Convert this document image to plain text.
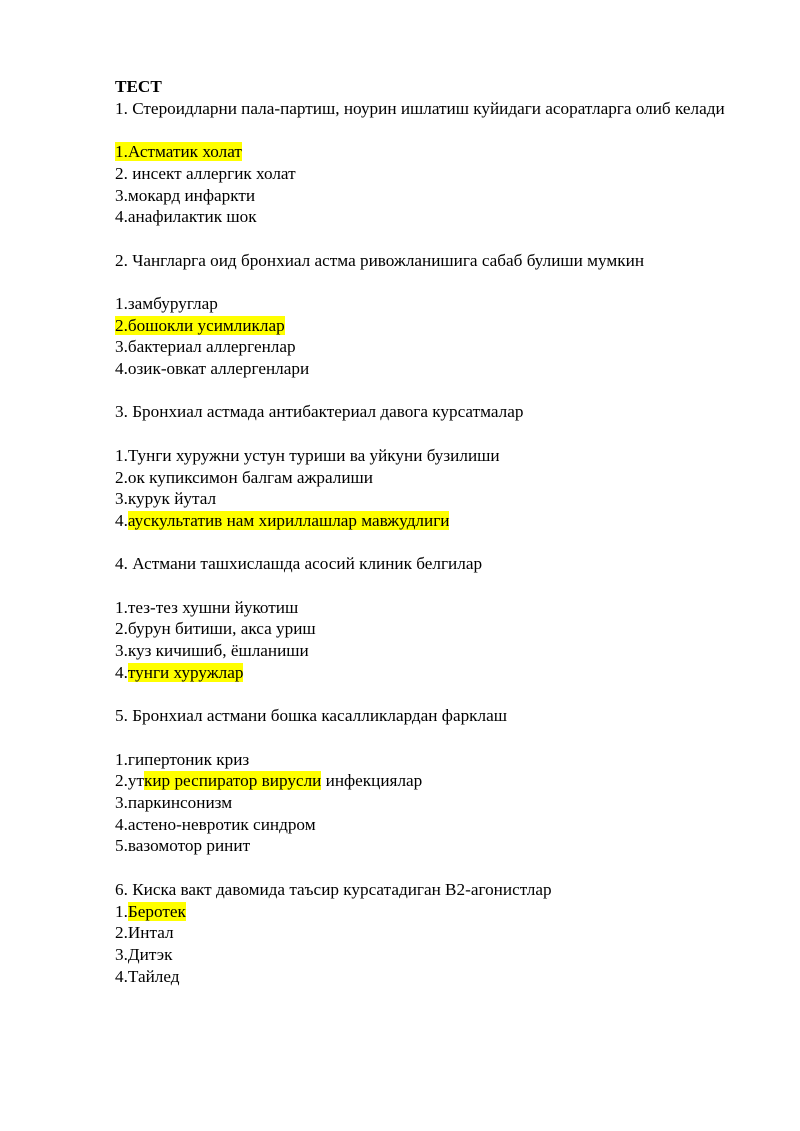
ТЕСТ

1. Стероидларни пала-партиш, ноурин ишлатиш куйидаги асоратларга олиб келади

1.Астматик холат
2. инсект аллергик холат
3.мокард инфаркти
4.анафилактик шок

2. Чангларга оид бронхиал астма ривожланишига сабаб булиши мумкин

1.замбуруглар
2.бошокли усимликлар
3.бактериал аллергенлар
4.озик-овкат аллергенлари

3. Бронхиал астмада антибактериал давога курсатмалар

1.Тунги хуружни устун туриши ва уйкуни бузилиши
2.ок купиксимон балгам ажралиши
3.курук йутал
4.аускультатив нам хириллашлар мавжудлиги

4. Астмани ташхислашда асосий клиник белгилар

1.тез-тез хушни йукотиш
2.бурун битиши, акса уриш
3.куз кичишиб, ёшланиши
4.тунги хуружлар

5. Бронхиал астмани бошка касалликлардан фарклаш

1.гипертоник криз
2.уткир респиратор вирусли инфекциялар
3.паркинсонизм
4.астено-невротик синдром
5.вазомотор ринит

6. Киска вакт давомида таъсир курсатадиган В2-агонистлар

1.Беротек
2.Интал
3.Дитэк
4.Тайлед
